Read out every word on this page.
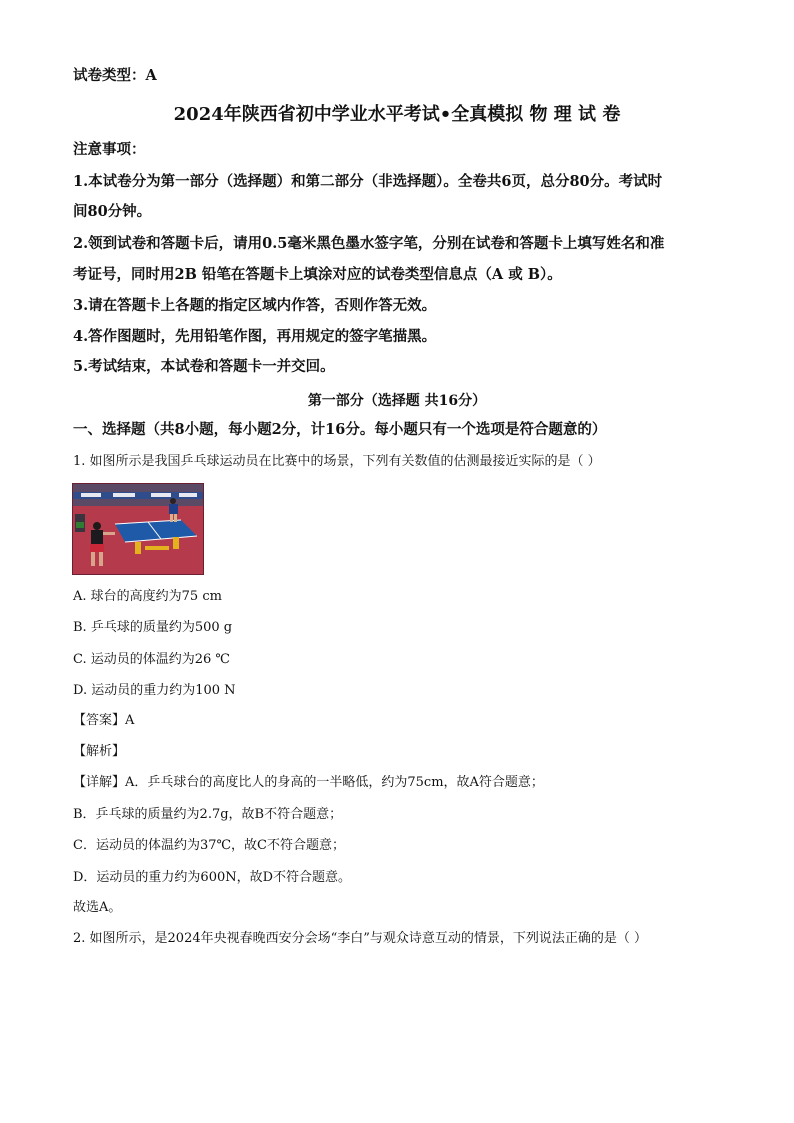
试卷类型：A
2024年陕西省初中学业水平考试•全真模拟 物 理 试 卷
注意事项：
1.本试卷分为第一部分（选择题）和第二部分（非选择题）。全卷共6页，总分80分。考试时
间80分钟。
2.领到试卷和答题卡后，请用0.5毫米黑色墨水签字笔，分别在试卷和答题卡上填写姓名和准
考证号，同时用2B 铅笔在答题卡上填涂对应的试卷类型信息点（A 或 B）。
3.请在答题卡上各题的指定区域内作答，否则作答无效。
4.答作图题时，先用铅笔作图，再用规定的签字笔描黑。
5.考试结束，本试卷和答题卡一并交回。
第一部分（选择题 共16分）
一、选择题（共8小题，每小题2分，计16分。每小题只有一个选项是符合题意的）
1. 如图所示是我国乒乓球运动员在比赛中的场景，下列有关数值的估测最接近实际的是（ ）
A. 球台的高度约为75 cm
B. 乒乓球的质量约为500 g
C. 运动员的体温约为26 ℃
D. 运动员的重力约为100 N
【答案】A
【解析】
【详解】A．乒乓球台的高度比人的身高的一半略低，约为75cm，故A符合题意；
B．乒乓球的质量约为2.7g，故B不符合题意；
C．运动员的体温约为37℃，故C不符合题意；
D．运动员的重力约为600N，故D不符合题意。
故选A。
2. 如图所示，是2024年央视春晚西安分会场“李白”与观众诗意互动的情景，下列说法正确的是（ ）
